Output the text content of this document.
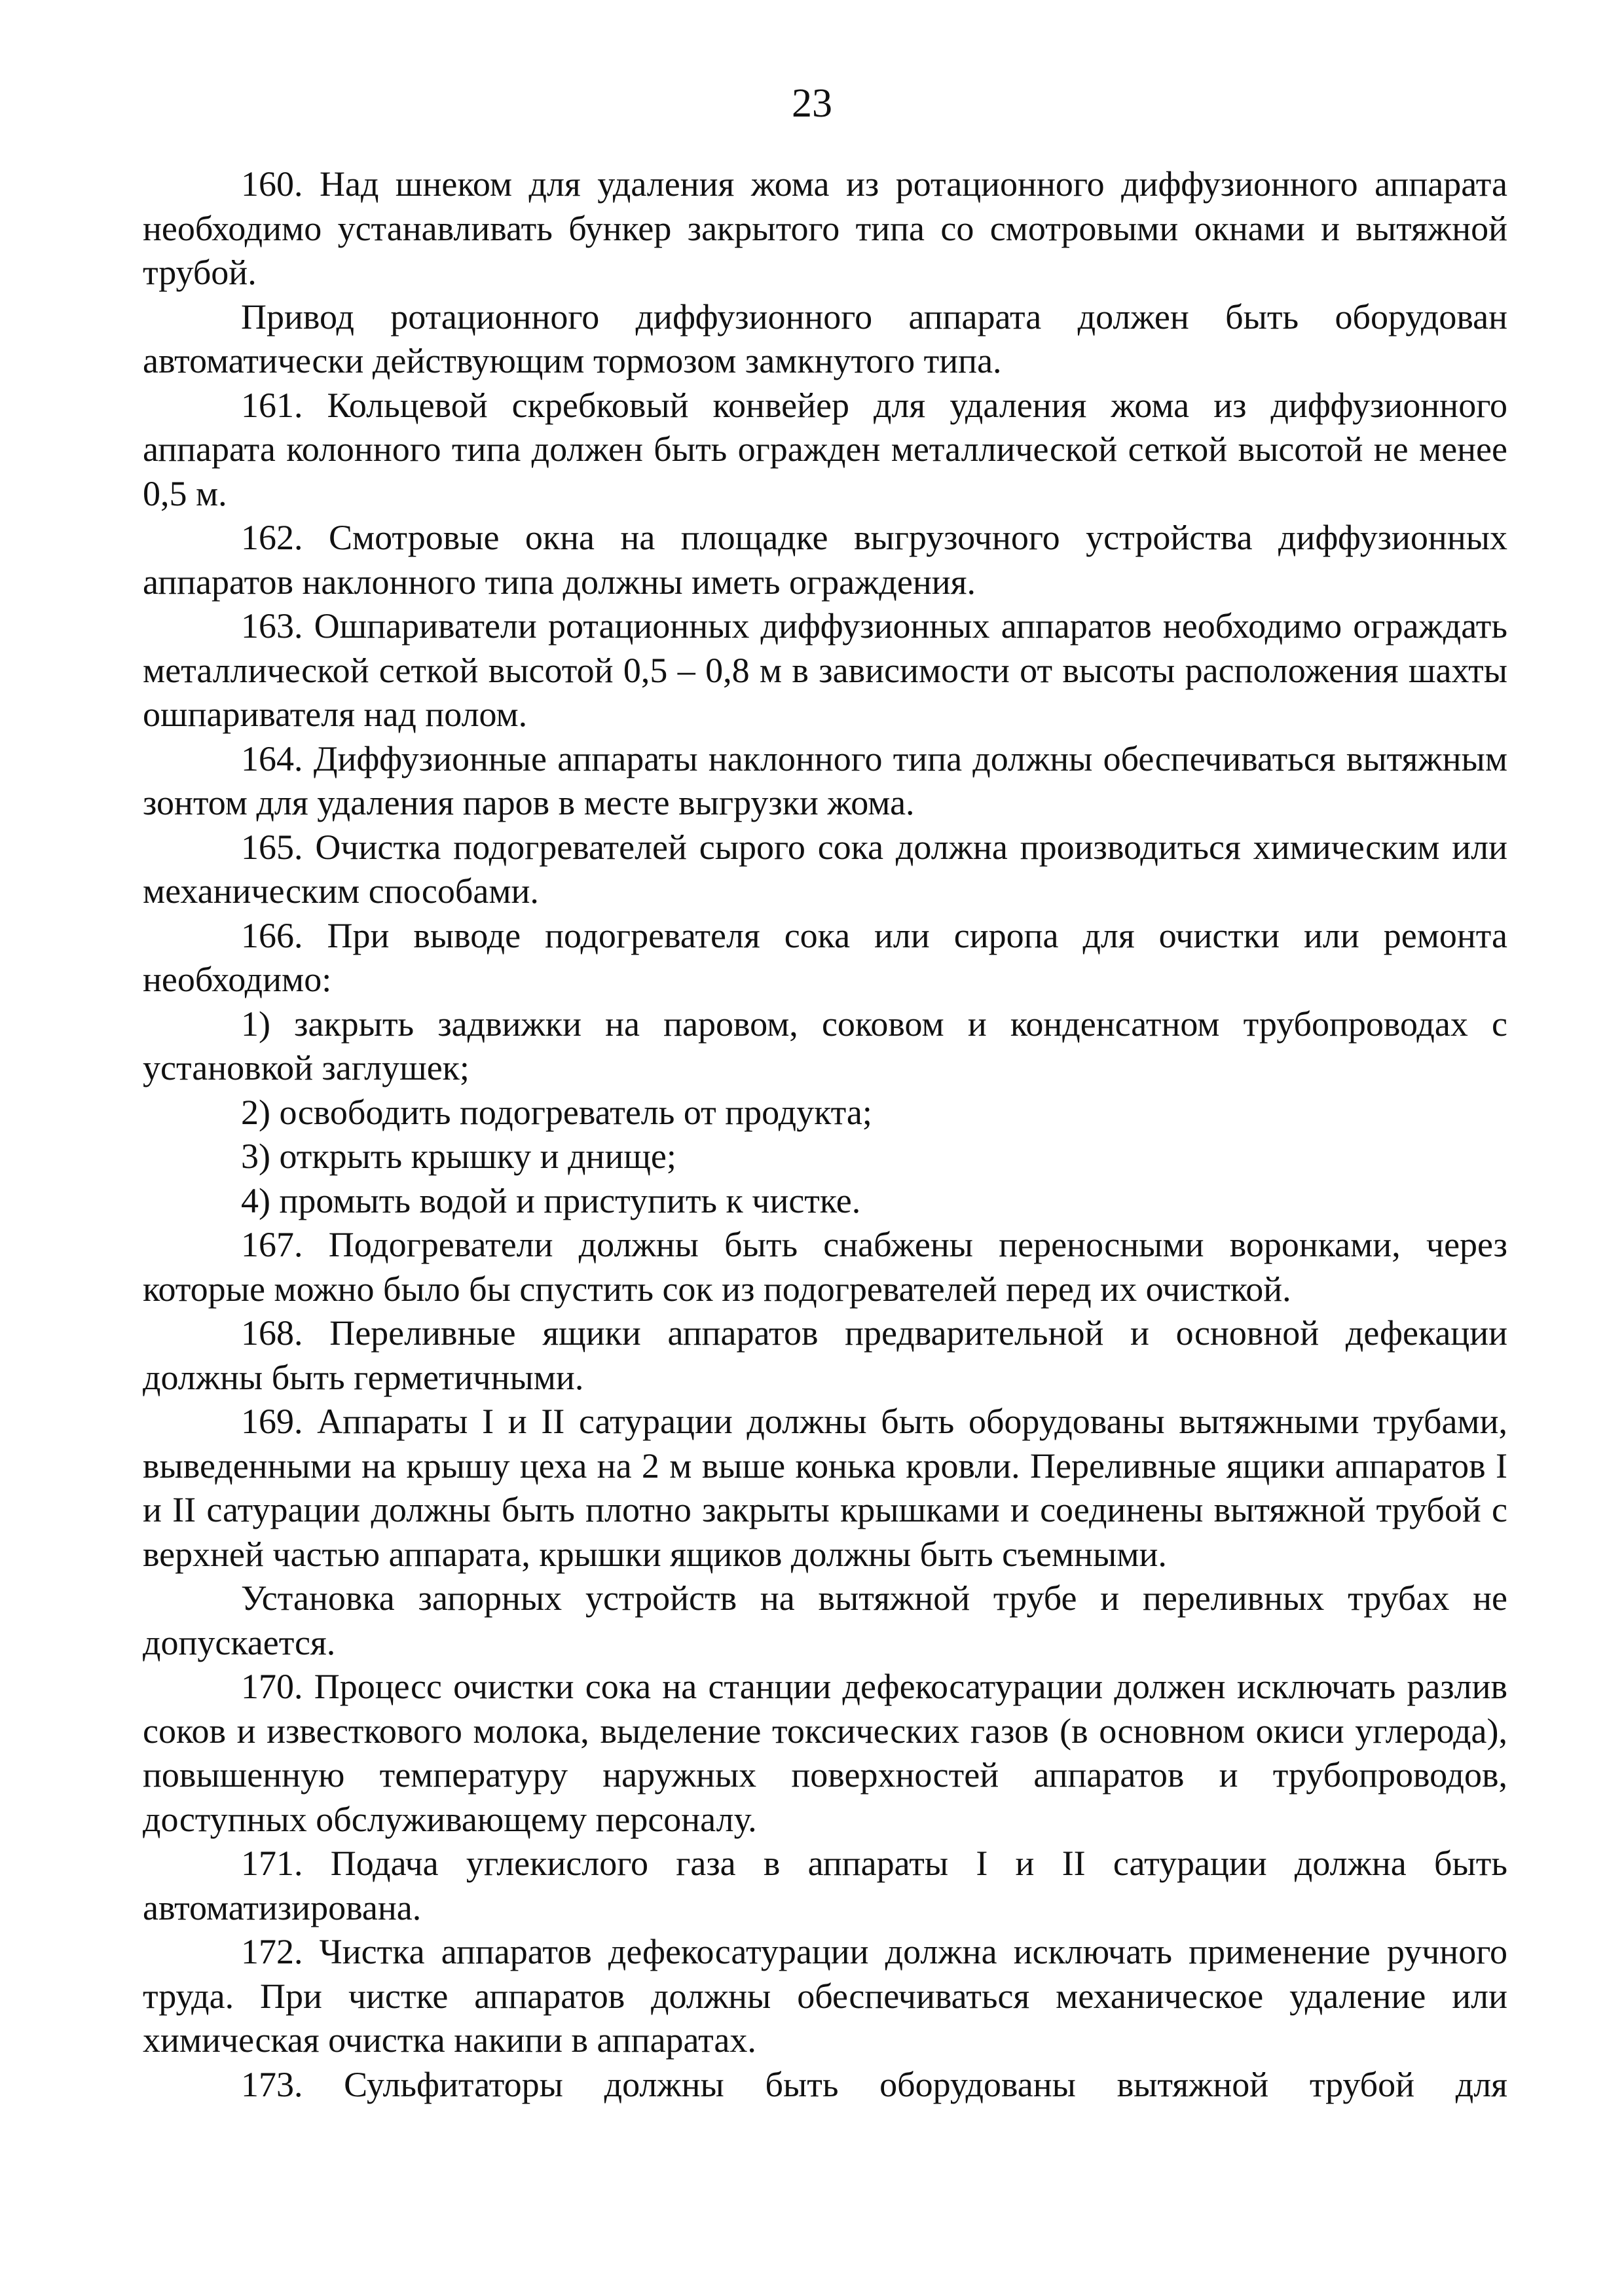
23

160. Над шнеком для удаления жома из ротационного диффузионного аппарата необходимо устанавливать бункер закрытого типа со смотровыми окнами и вытяжной трубой.

Привод ротационного диффузионного аппарата должен быть оборудован автоматически действующим тормозом замкнутого типа.

161. Кольцевой скребковый конвейер для удаления жома из диффузионного аппарата колонного типа должен быть огражден металлической сеткой высотой не менее 0,5 м.

162. Смотровые окна на площадке выгрузочного устройства диффузионных аппаратов наклонного типа должны иметь ограждения.

163. Ошпариватели ротационных диффузионных аппаратов необходимо ограждать металлической сеткой высотой 0,5 – 0,8 м в зависимости от высоты расположения шахты ошпаривателя над полом.

164. Диффузионные аппараты наклонного типа должны обеспечиваться вытяжным зонтом для удаления паров в месте выгрузки жома.

165. Очистка подогревателей сырого сока должна производиться химическим или механическим способами.

166. При выводе подогревателя сока или сиропа для очистки или ремонта необходимо:

1) закрыть задвижки на паровом, соковом и конденсатном трубопроводах с установкой заглушек;

2) освободить подогреватель от продукта;

3) открыть крышку и днище;

4) промыть водой и приступить к чистке.

167. Подогреватели должны быть снабжены переносными воронками, через которые можно было бы спустить сок из подогревателей перед их очисткой.

168. Переливные ящики аппаратов предварительной и основной дефекации должны быть герметичными.

169. Аппараты I и II сатурации должны быть оборудованы вытяжными трубами, выведенными на крышу цеха на 2 м выше конька кровли. Переливные ящики аппаратов I и II сатурации должны быть плотно закрыты крышками и соединены вытяжной трубой с верхней частью аппарата, крышки ящиков должны быть съемными.

Установка запорных устройств на вытяжной трубе и переливных трубах не допускается.

170. Процесс очистки сока на станции дефекосатурации должен исключать разлив соков и известкового молока, выделение токсических газов (в основном окиси углерода), повышенную температуру наружных поверхностей аппаратов и трубопроводов, доступных обслуживающему персоналу.

171. Подача углекислого газа в аппараты I и II сатурации должна быть автоматизирована.

172. Чистка аппаратов дефекосатурации должна исключать применение ручного труда. При чистке аппаратов должны обеспечиваться механическое удаление или химическая очистка накипи в аппаратах.

173. Сульфитаторы должны быть оборудованы вытяжной трубой для
